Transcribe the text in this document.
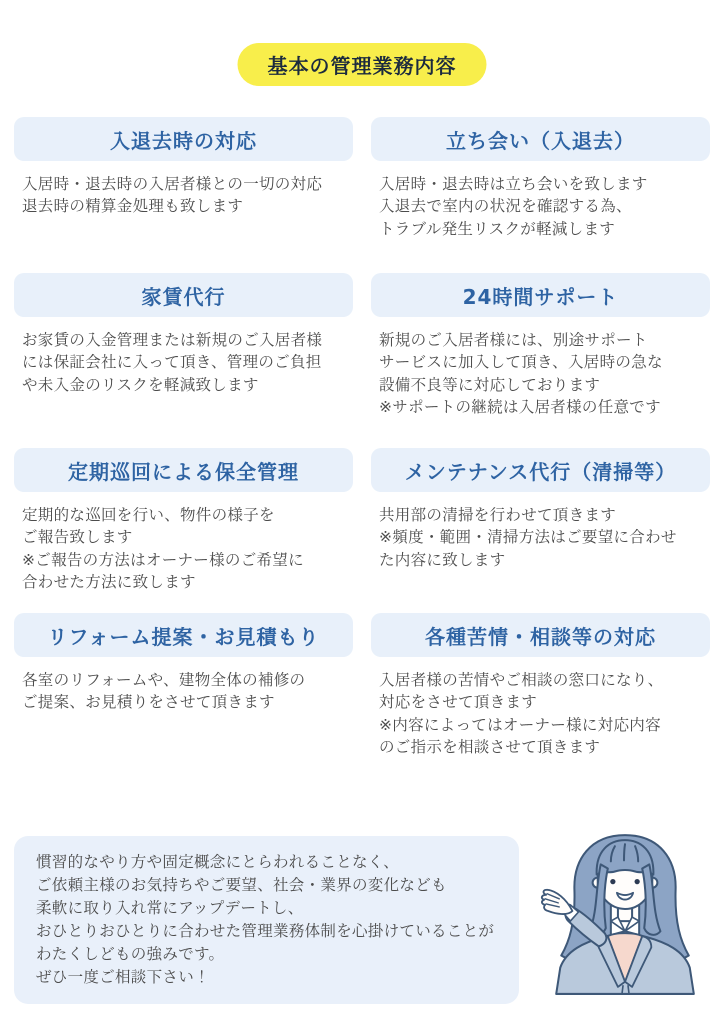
基本の管理業務内容
入退去時の対応
入居時・退去時の入居者様との一切の対応
退去時の精算金処理も致します
立ち会い（入退去）
入居時・退去時は立ち会いを致します
入退去で室内の状況を確認する為、
トラブル発生リスクが軽減します
家賃代行
お家賃の入金管理または新規のご入居者様
には保証会社に入って頂き、管理のご負担
や未入金のリスクを軽減致します
24時間サポート
新規のご入居者様には、別途サポート
サービスに加入して頂き、入居時の急な
設備不良等に対応しております
※サポートの継続は入居者様の任意です
定期巡回による保全管理
定期的な巡回を行い、物件の様子を
ご報告致します
※ご報告の方法はオーナー様のご希望に
合わせた方法に致します
メンテナンス代行（清掃等）
共用部の清掃を行わせて頂きます
※頻度・範囲・清掃方法はご要望に合わせ
た内容に致します
リフォーム提案・お見積もり
各室のリフォームや、建物全体の補修の
ご提案、お見積りをさせて頂きます
各種苦情・相談等の対応
入居者様の苦情やご相談の窓口になり、
対応をさせて頂きます
※内容によってはオーナー様に対応内容
のご指示を相談させて頂きます
慣習的なやり方や固定概念にとらわれることなく、
ご依頼主様のお気持ちやご要望、社会・業界の変化なども
柔軟に取り入れ常にアップデートし、
おひとりおひとりに合わせた管理業務体制を心掛けていることが
わたくしどもの強みです。
ぜひ一度ご相談下さい！
